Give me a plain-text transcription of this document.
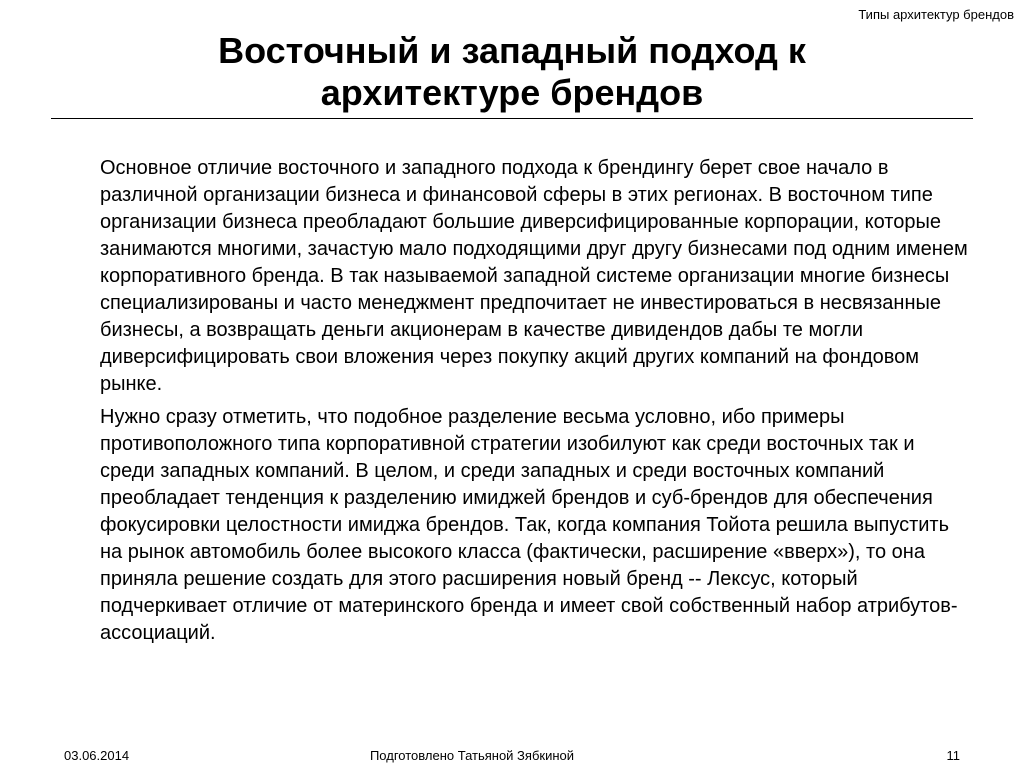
Типы архитектур брендов
Восточный и западный подход к
архитектуре брендов

Основное отличие восточного и западного подхода к брендингу берет свое начало в различной организации бизнеса и финансовой сферы в этих регионах. В восточном типе организации бизнеса преобладают большие диверсифицированные корпорации, которые занимаются многими, зачастую мало подходящими друг другу бизнесами под одним именем корпоративного бренда. В так называемой западной системе организации многие бизнесы специализированы и часто менеджмент предпочитает не инвестироваться в несвязанные бизнесы, а возвращать деньги акционерам в качестве дивидендов дабы те могли диверсифицировать свои вложения через покупку акций других компаний на фондовом рынке.

Нужно сразу отметить, что подобное разделение весьма условно, ибо примеры противоположного типа корпоративной стратегии изобилуют как среди восточных так и среди западных компаний. В целом, и среди западных и среди восточных компаний преобладает тенденция к разделению имиджей брендов и суб-брендов для обеспечения фокусировки целостности имиджа брендов. Так, когда компания Тойота решила выпустить на рынок автомобиль более высокого класса (фактически, расширение «вверх»), то она приняла решение создать для этого расширения новый бренд -- Лексус, который подчеркивает отличие от материнского бренда и имеет свой собственный набор атрибутов-ассоциаций.

03.06.2014	Подготовлено Татьяной Зябкиной	11
